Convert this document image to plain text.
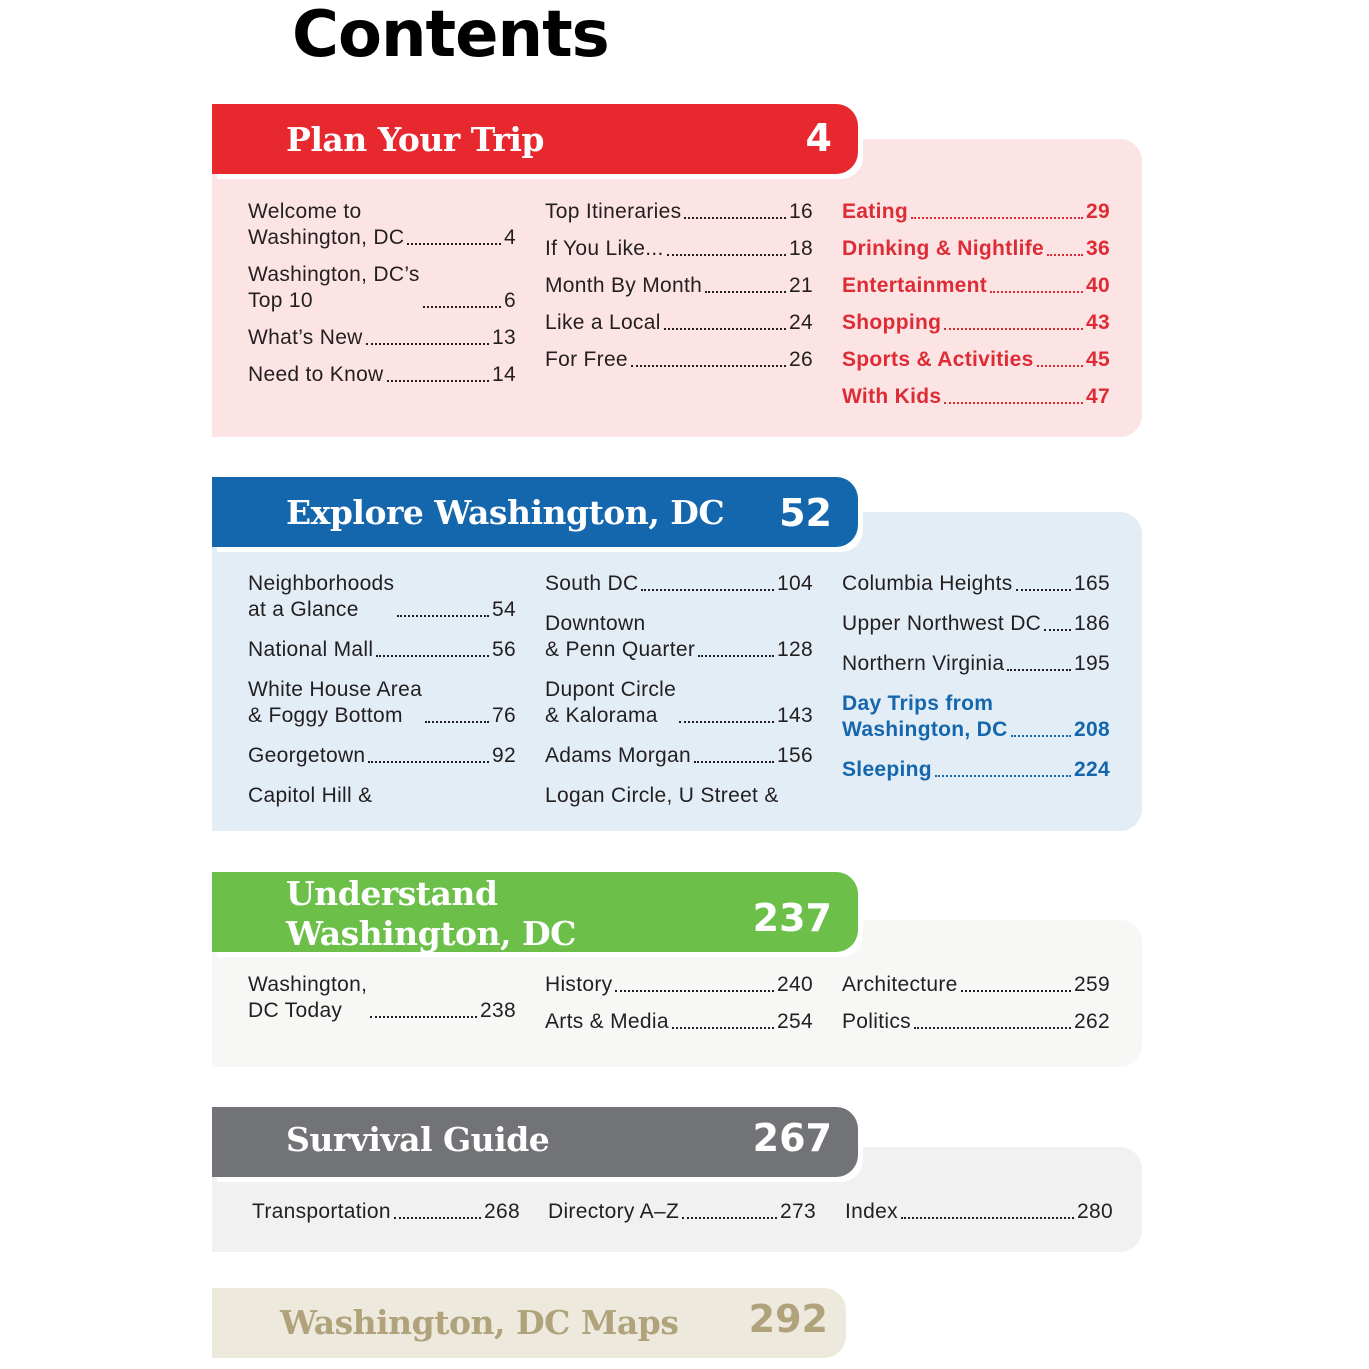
Contents
Plan Your Trip	4
Welcome to
Washington, DC	4
Washington, DC’s
Top 10	6
What’s New	13
Need to Know	14
Top Itineraries	16
If You Like...	18
Month By Month	21
Like a Local	24
For Free	26
Eating	29
Drinking & Nightlife 36
Entertainment	40
Shopping	43
Sports & Activities 45
With Kids	47
Explore Washington, DC 52
Neighborhoods
at a Glance	54
National Mall	56
White House Area
& Foggy Bottom	76
Georgetown	92
Capitol Hill &
South DC	104
Downtown
& Penn Quarter	128
Dupont Circle
& Kalorama	143
Adams Morgan	156
Logan Circle, U Street &
Columbia Heights	165
Upper Northwest DC 186
Northern Virginia	195
Day Trips from
Washington, DC	208
Sleeping	224
Understand
Washington, DC	237
Washington,
DC Today	238
History	240
Arts & Media	254
Architecture	259
Politics	262
Survival Guide	267
Transportation	268 Directory A–Z	273 Index	280
Washington, DC Maps 292
